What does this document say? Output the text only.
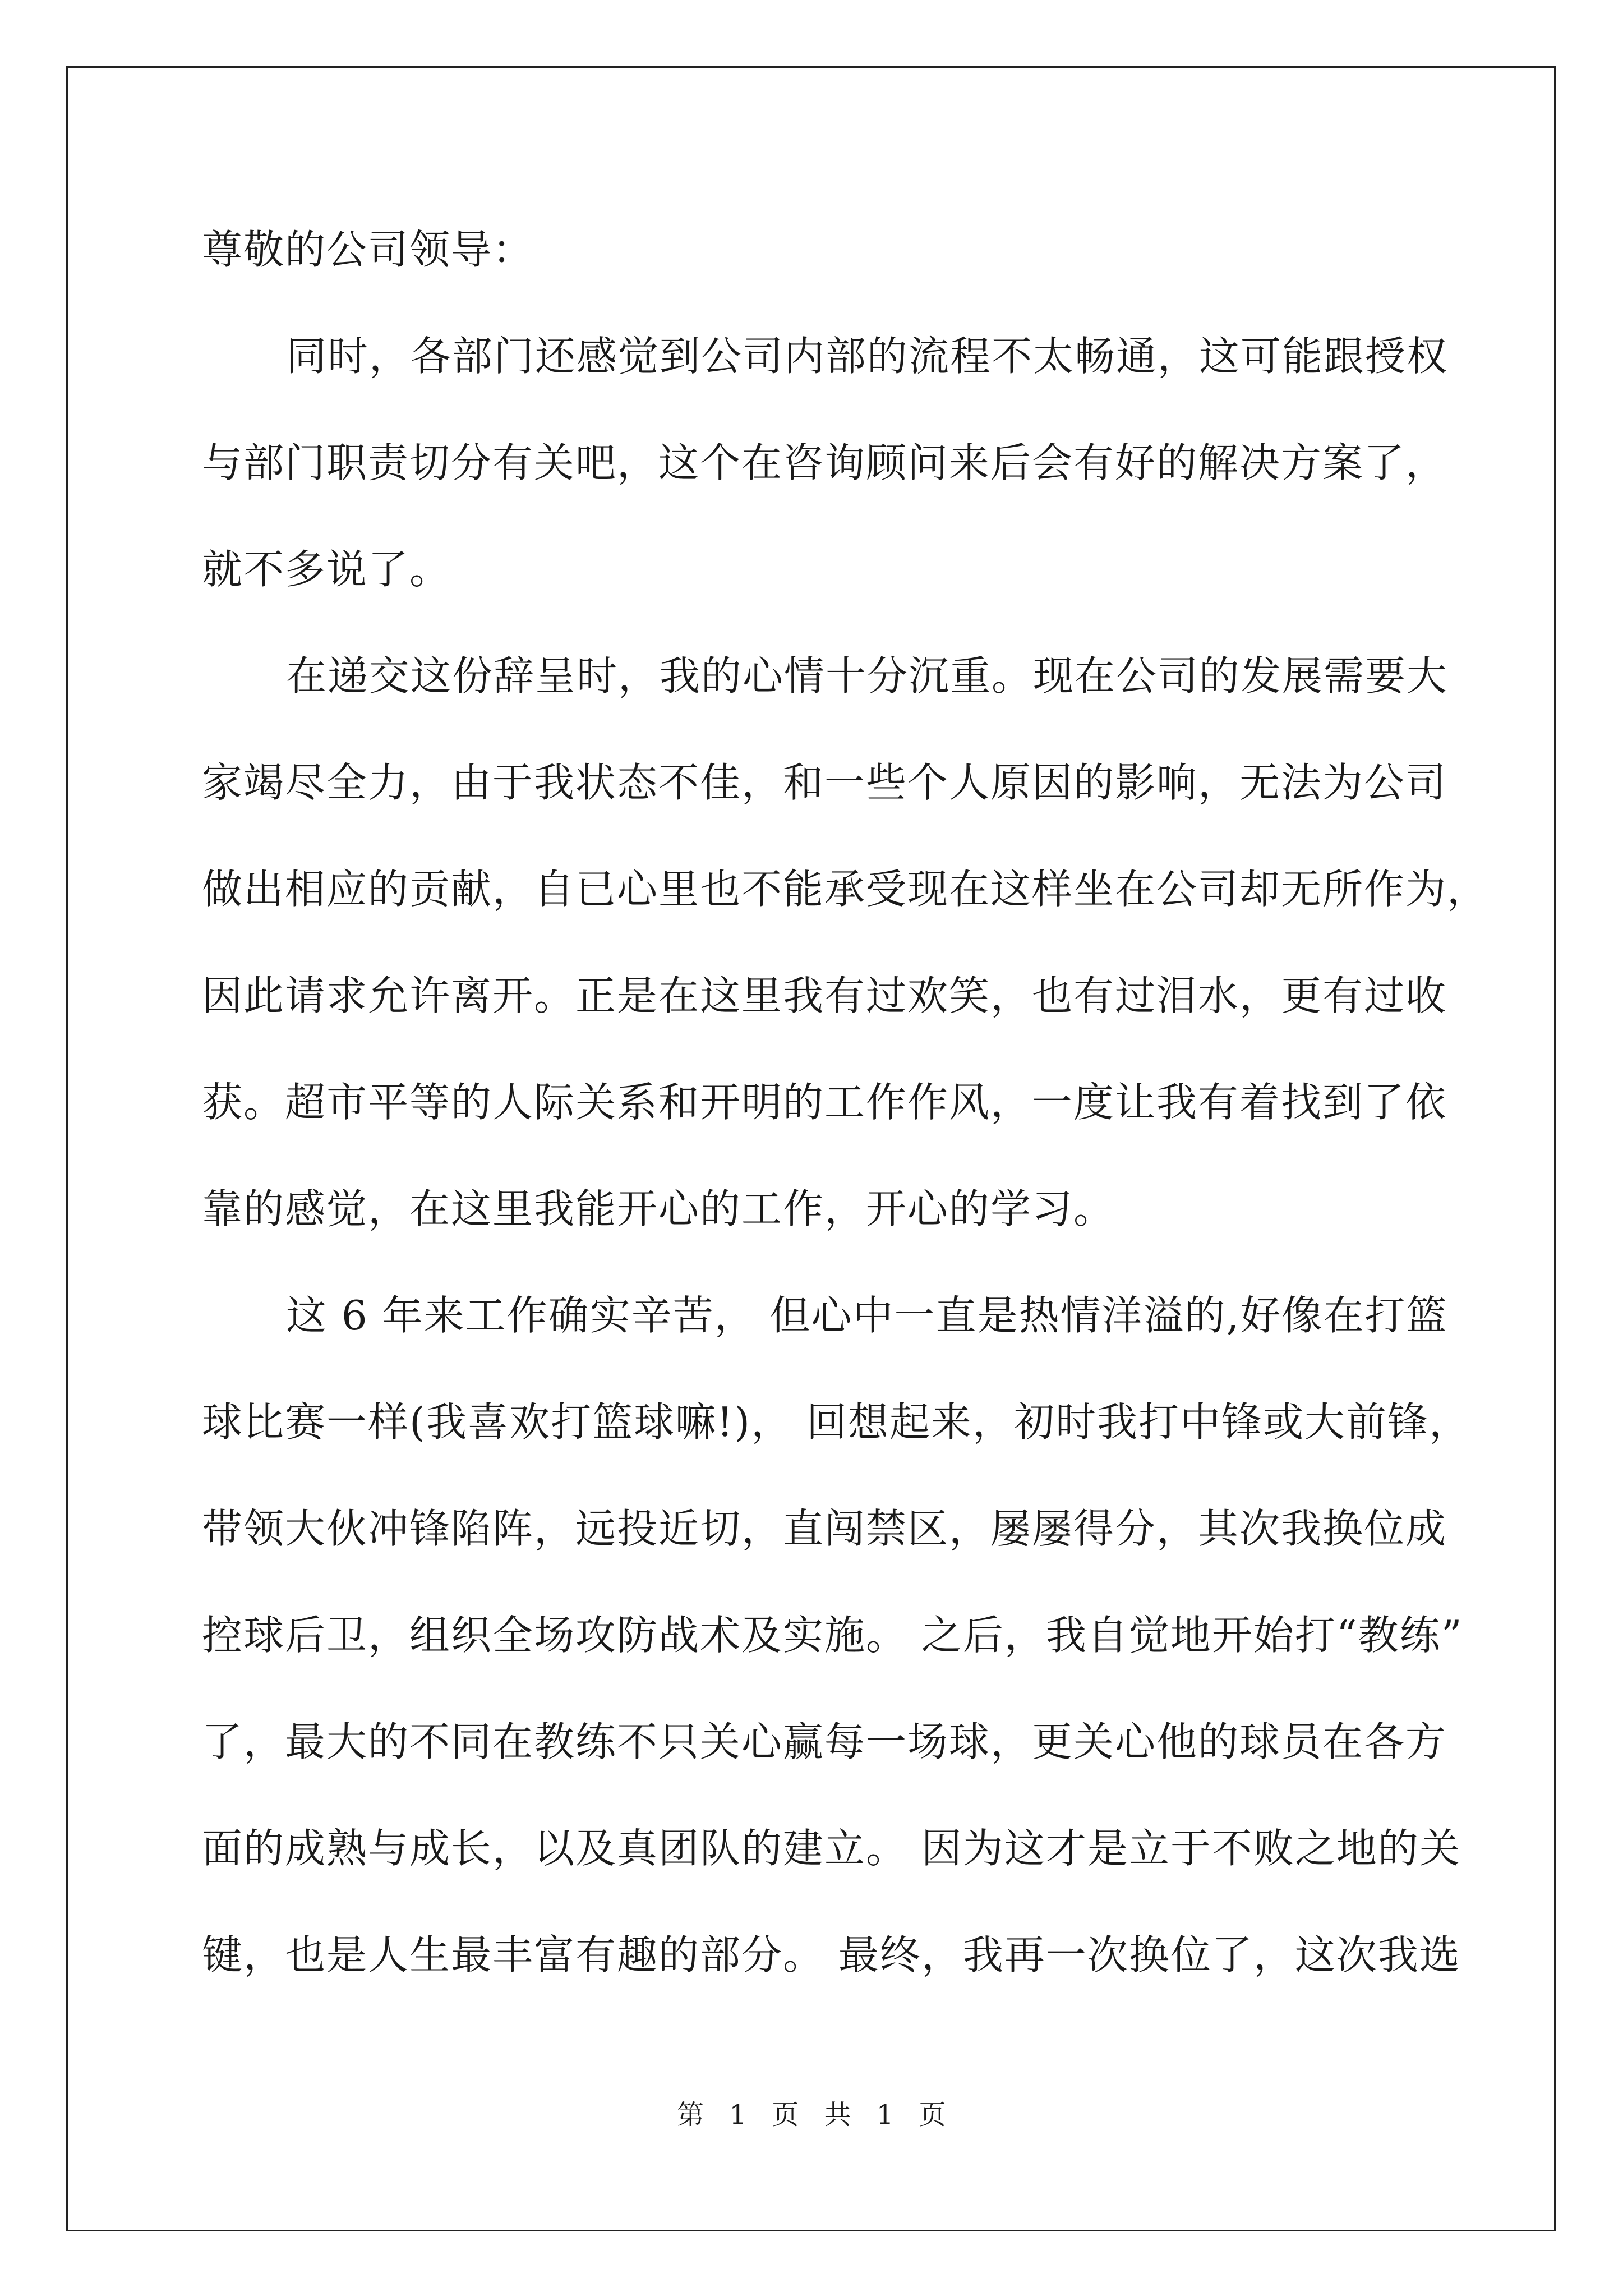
尊敬的公司领导：
同时，各部门还感觉到公司内部的流程不太畅通，这可能跟授权
与部门职责切分有关吧，这个在咨询顾问来后会有好的解决方案了，
就不多说了。
在递交这份辞呈时，我的心情十分沉重。现在公司的发展需要大
家竭尽全力，由于我状态不佳，和一些个人原因的影响，无法为公司
做出相应的贡献，自已心里也不能承受现在这样坐在公司却无所作为，
因此请求允许离开。正是在这里我有过欢笑，也有过泪水，更有过收
获。超市平等的人际关系和开明的工作作风，一度让我有着找到了依
靠的感觉，在这里我能开心的工作，开心的学习。
这 6 年来工作确实辛苦， 但心中一直是热情洋溢的,好像在打篮
球比赛一样(我喜欢打篮球嘛!)， 回想起来，初时我打中锋或大前锋，
带领大伙冲锋陷阵，远投近切，直闯禁区，屡屡得分，其次我换位成
控球后卫，组织全场攻防战术及实施。 之后，我自觉地开始打“教练”
了，最大的不同在教练不只关心赢每一场球，更关心他的球员在各方
面的成熟与成长，以及真团队的建立。 因为这才是立于不败之地的关
键，也是人生最丰富有趣的部分。 最终，我再一次换位了，这次我选
第 1 页 共 1 页
